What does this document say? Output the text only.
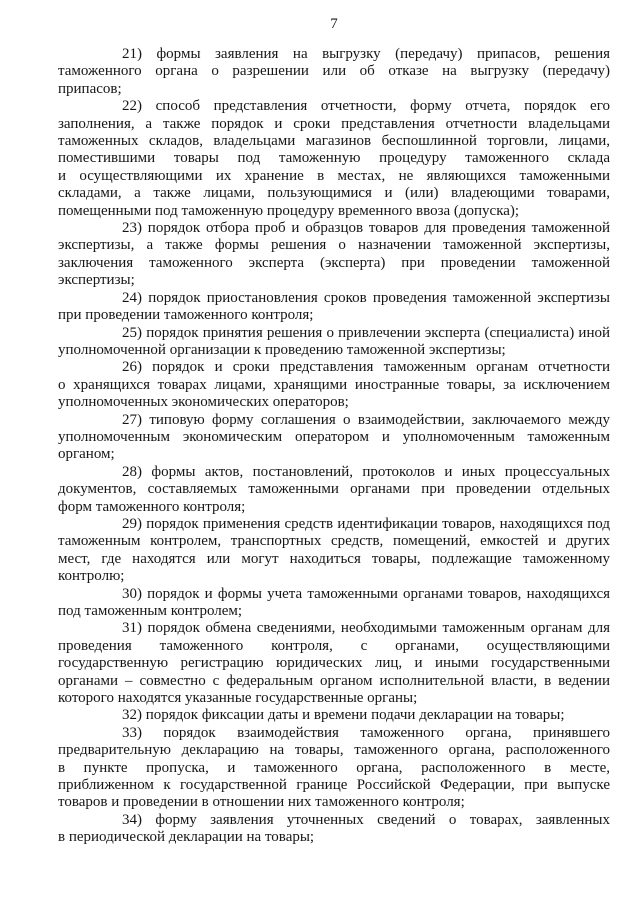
7

21) формы заявления на выгрузку (передачу) припасов, решения
таможенного органа о разрешении или об отказе на выгрузку (передачу)
припасов;

22) способ представления отчетности, форму отчета, порядок его
заполнения, а также порядок и сроки представления отчетности владельцами
таможенных складов, владельцами магазинов беспошлинной торговли, лицами,
поместившими товары под таможенную процедуру таможенного склада
и осуществляющими их хранение в местах, не являющихся таможенными
складами, а также лицами, пользующимися и (или) владеющими товарами,
помещенными под таможенную процедуру временного ввоза (допуска);

23) порядок отбора проб и образцов товаров для проведения таможенной
экспертизы, а также формы решения о назначении таможенной экспертизы,
заключения таможенного эксперта (эксперта) при проведении таможенной
экспертизы;

24) порядок приостановления сроков проведения таможенной экспертизы
при проведении таможенного контроля;

25) порядок принятия решения о привлечении эксперта (специалиста) иной
уполномоченной организации к проведению таможенной экспертизы;

26) порядок и сроки представления таможенным органам отчетности
о хранящихся товарах лицами, хранящими иностранные товары, за исключением
уполномоченных экономических операторов;

27) типовую форму соглашения о взаимодействии, заключаемого между
уполномоченным экономическим оператором и уполномоченным таможенным
органом;

28) формы актов, постановлений, протоколов и иных процессуальных
документов, составляемых таможенными органами при проведении отдельных
форм таможенного контроля;

29) порядок применения средств идентификации товаров, находящихся под
таможенным контролем, транспортных средств, помещений, емкостей и других
мест, где находятся или могут находиться товары, подлежащие таможенному
контролю;

30) порядок и формы учета таможенными органами товаров, находящихся
под таможенным контролем;

31) порядок обмена сведениями, необходимыми таможенным органам для
проведения таможенного контроля, с органами, осуществляющими
государственную регистрацию юридических лиц, и иными государственными
органами – совместно с федеральным органом исполнительной власти, в ведении
которого находятся указанные государственные органы;

32) порядок фиксации даты и времени подачи декларации на товары;

33) порядок взаимодействия таможенного органа, принявшего
предварительную декларацию на товары, таможенного органа, расположенного
в пункте пропуска, и таможенного органа, расположенного в месте,
приближенном к государственной границе Российской Федерации, при выпуске
товаров и проведении в отношении них таможенного контроля;

34) форму заявления уточненных сведений о товарах, заявленных
в периодической декларации на товары;
